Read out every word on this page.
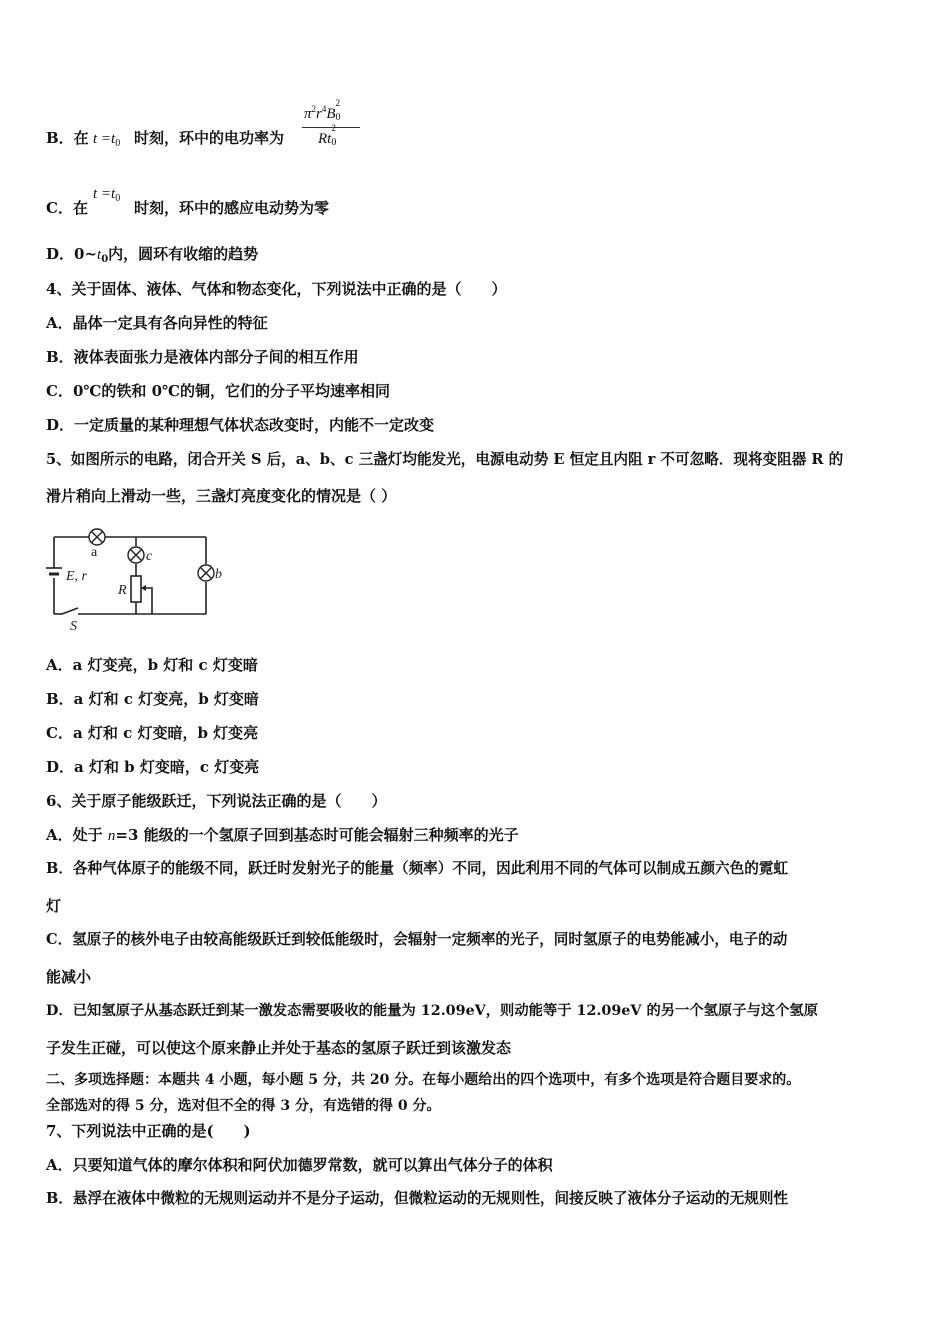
B．在 $t =t_0$ 时刻，环中的电功率为
$\pi^2r^4B$
2
0
Rt
2
0
C．在
$t =t_0$
时刻，环中的感应电动势为零
D．$0\sim t_0$内，圆环有收缩的趋势
4、关于固体、液体、气体和物态变化，下列说法中正确的是（　　）
A．晶体一定具有各向异性的特征
B．液体表面张力是液体内部分子间的相互作用
C．0℃的铁和 0℃的铜，它们的分子平均速率相同
D．一定质量的某种理想气体状态改变时，内能不一定改变
5、如图所示的电路，闭合开关 S 后，a、b、c 三盏灯均能发光，电源电动势 E 恒定且内阻 r 不可忽略．现将变阻器 R 的
滑片稍向上滑动一些，三盏灯亮度变化的情况是（ ）
a	c
b
E, r
R
S
A．a 灯变亮，b 灯和 c 灯变暗
B．a 灯和 c 灯变亮，b 灯变暗
C．a 灯和 c 灯变暗，b 灯变亮
D．a 灯和 b 灯变暗，c 灯变亮
6、关于原子能级跃迁，下列说法正确的是（　　）
A．处于 n=3 能级的一个氢原子回到基态时可能会辐射三种频率的光子
B．各种气体原子的能级不同，跃迁时发射光子的能量（频率）不同，因此利用不同的气体可以制成五颜六色的霓虹
灯
C．氢原子的核外电子由较高能级跃迁到较低能级时，会辐射一定频率的光子，同时氢原子的电势能减小，电子的动
能减小
D．已知氢原子从基态跃迁到某一激发态需要吸收的能量为 12.09eV，则动能等于 12.09eV 的另一个氢原子与这个氢原
子发生正碰，可以使这个原来静止并处于基态的氢原子跃迁到该激发态
二、多项选择题：本题共 4 小题，每小题 5 分，共 20 分。在每小题给出的四个选项中，有多个选项是符合题目要求的。
全部选对的得 5 分，选对但不全的得 3 分，有选错的得 0 分。
7、下列说法中正确的是(　　)
A．只要知道气体的摩尔体积和阿伏加德罗常数，就可以算出气体分子的体积
B．悬浮在液体中微粒的无规则运动并不是分子运动，但微粒运动的无规则性，间接反映了液体分子运动的无规则性
